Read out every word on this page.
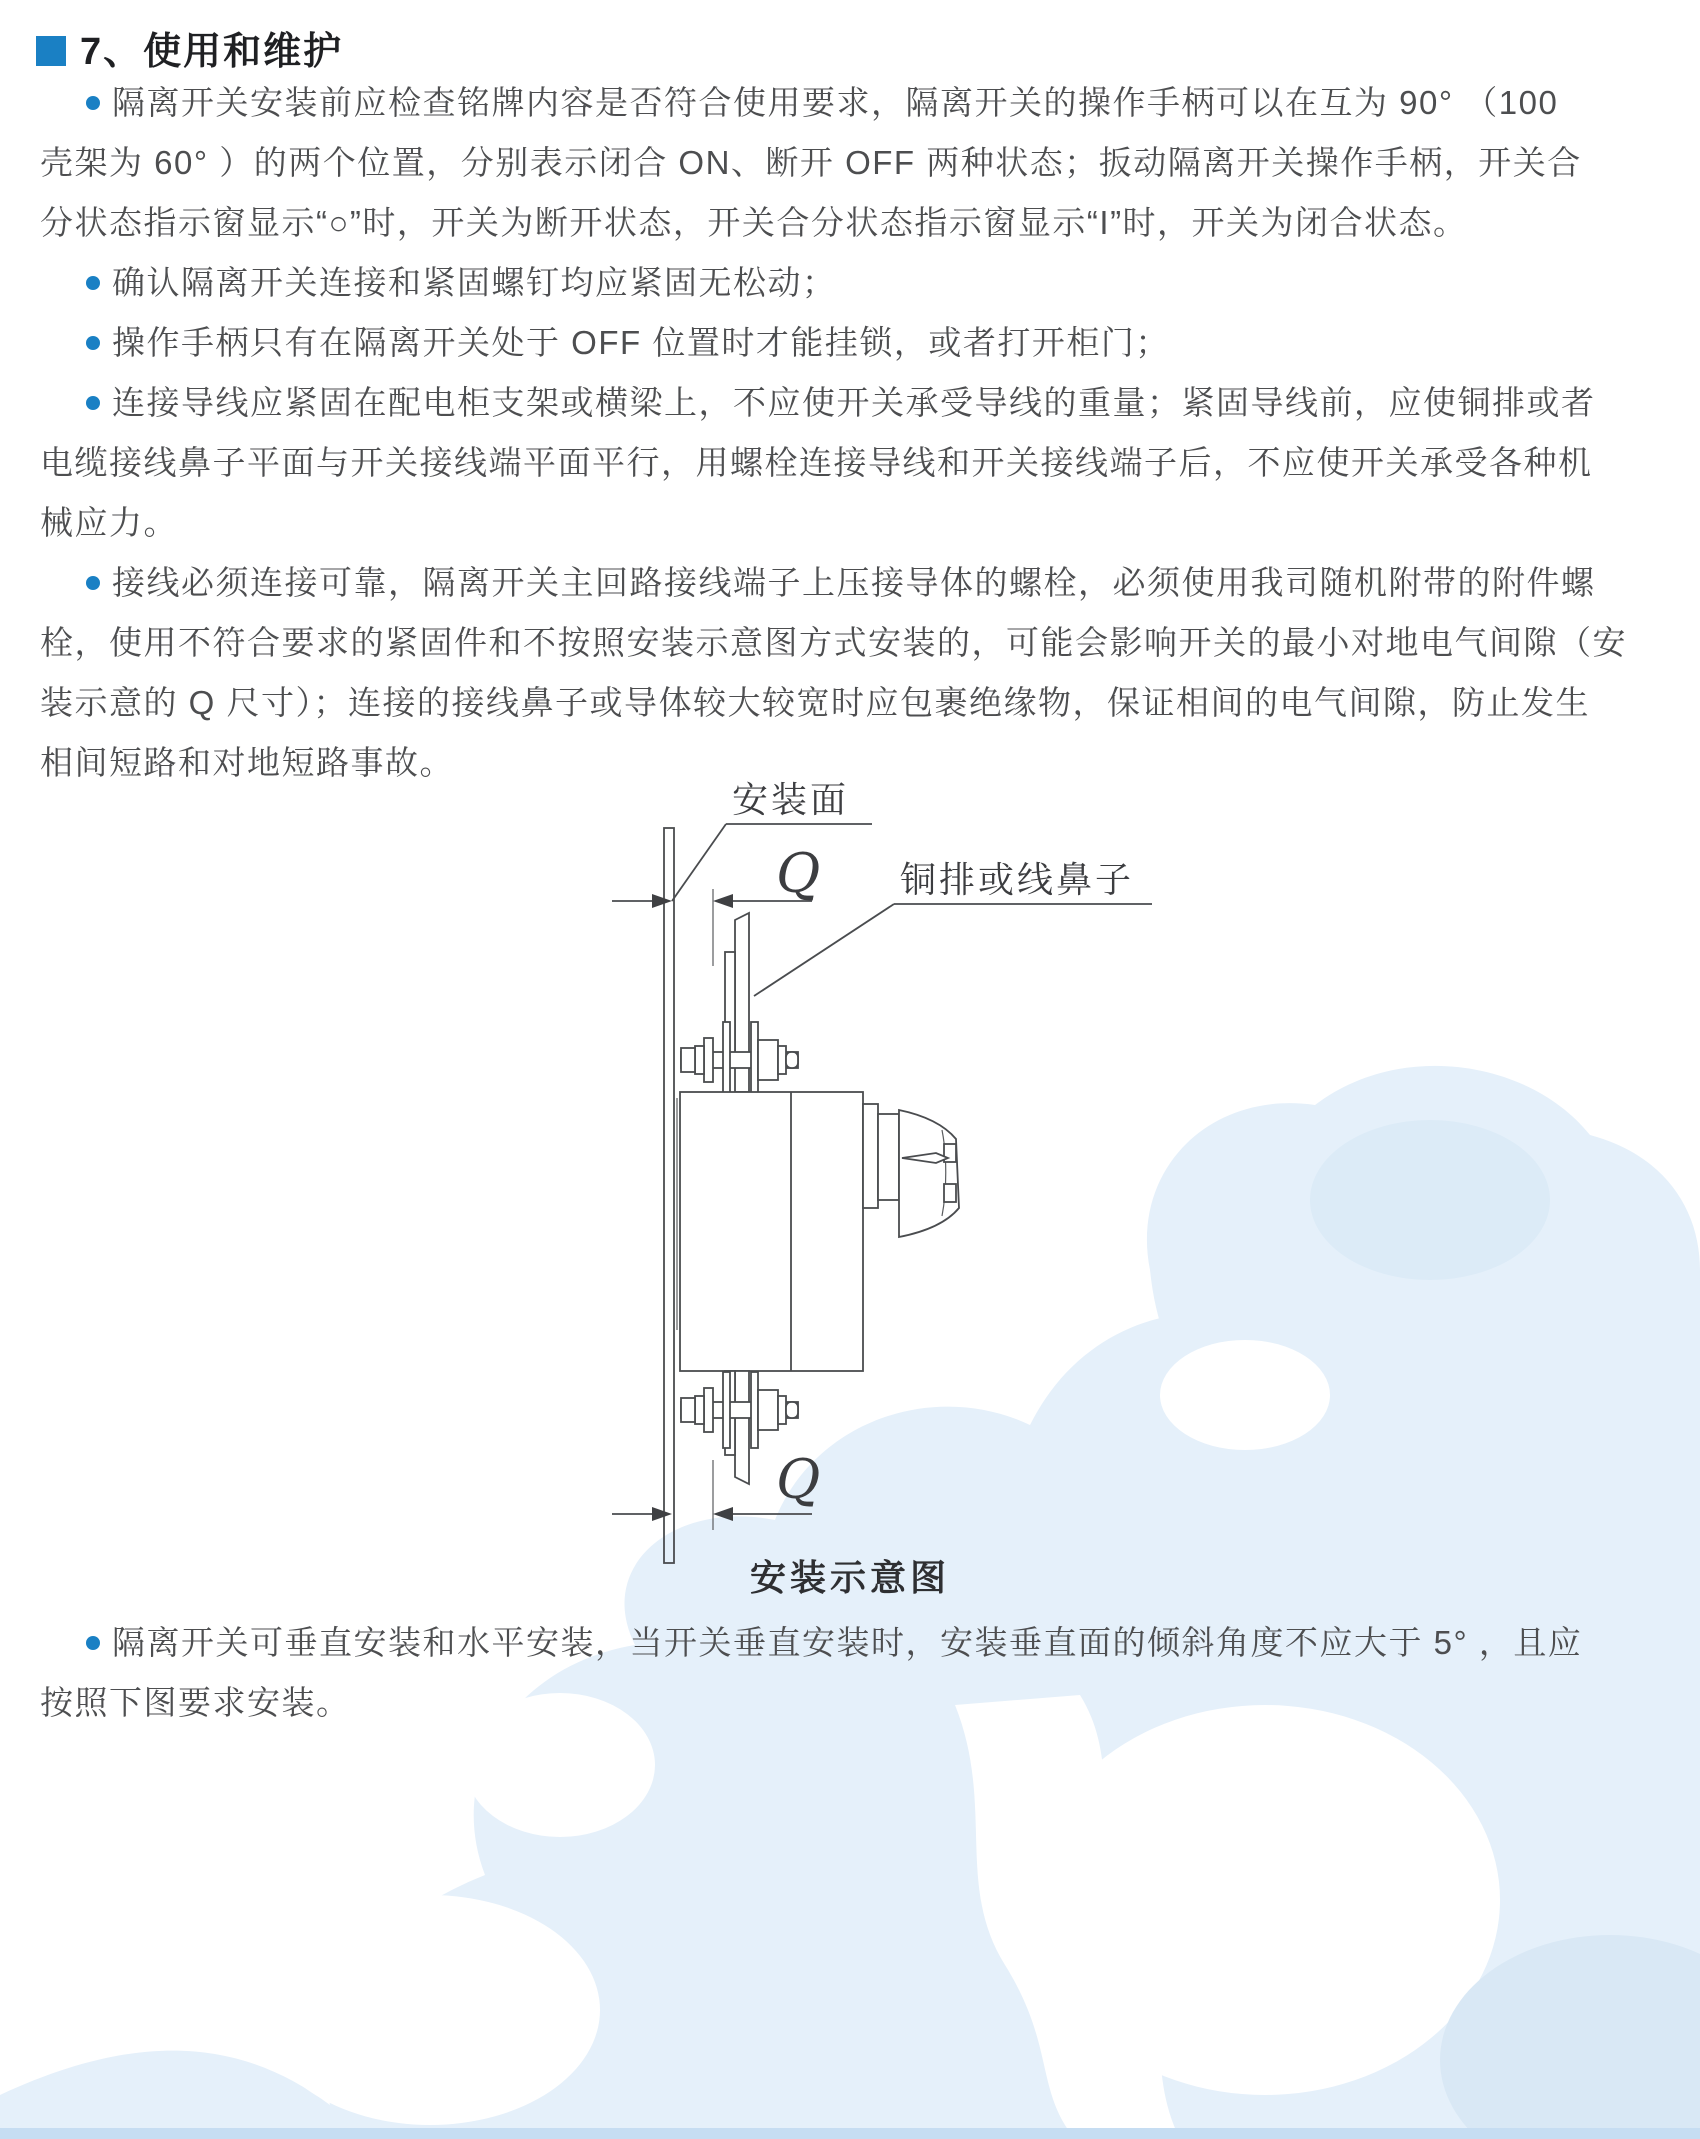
7、使用和维护
隔离开关安装前应检查铭牌内容是否符合使用要求，隔离开关的操作手柄可以在互为 90° （100
壳架为 60° ）的两个位置，分别表示闭合 ON、断开 OFF 两种状态；扳动隔离开关操作手柄，开关合
分状态指示窗显示“○”时，开关为断开状态，开关合分状态指示窗显示“I”时，开关为闭合状态。
确认隔离开关连接和紧固螺钉均应紧固无松动；
操作手柄只有在隔离开关处于 OFF 位置时才能挂锁，或者打开柜门；
连接导线应紧固在配电柜支架或横梁上，不应使开关承受导线的重量；紧固导线前，应使铜排或者
电缆接线鼻子平面与开关接线端平面平行，用螺栓连接导线和开关接线端子后，不应使开关承受各种机
械应力。
接线必须连接可靠，隔离开关主回路接线端子上压接导体的螺栓，必须使用我司随机附带的附件螺
栓，使用不符合要求的紧固件和不按照安装示意图方式安装的，可能会影响开关的最小对地电气间隙（安
装示意的 Q 尺寸）；连接的接线鼻子或导体较大较宽时应包裹绝缘物，保证相间的电气间隙，防止发生
相间短路和对地短路事故。
安装面
Q 铜排或线鼻子
Q

安装示意图
隔离开关可垂直安装和水平安装，当开关垂直安装时，安装垂直面的倾斜角度不应大于 5° ，且应
按照下图要求安装。
